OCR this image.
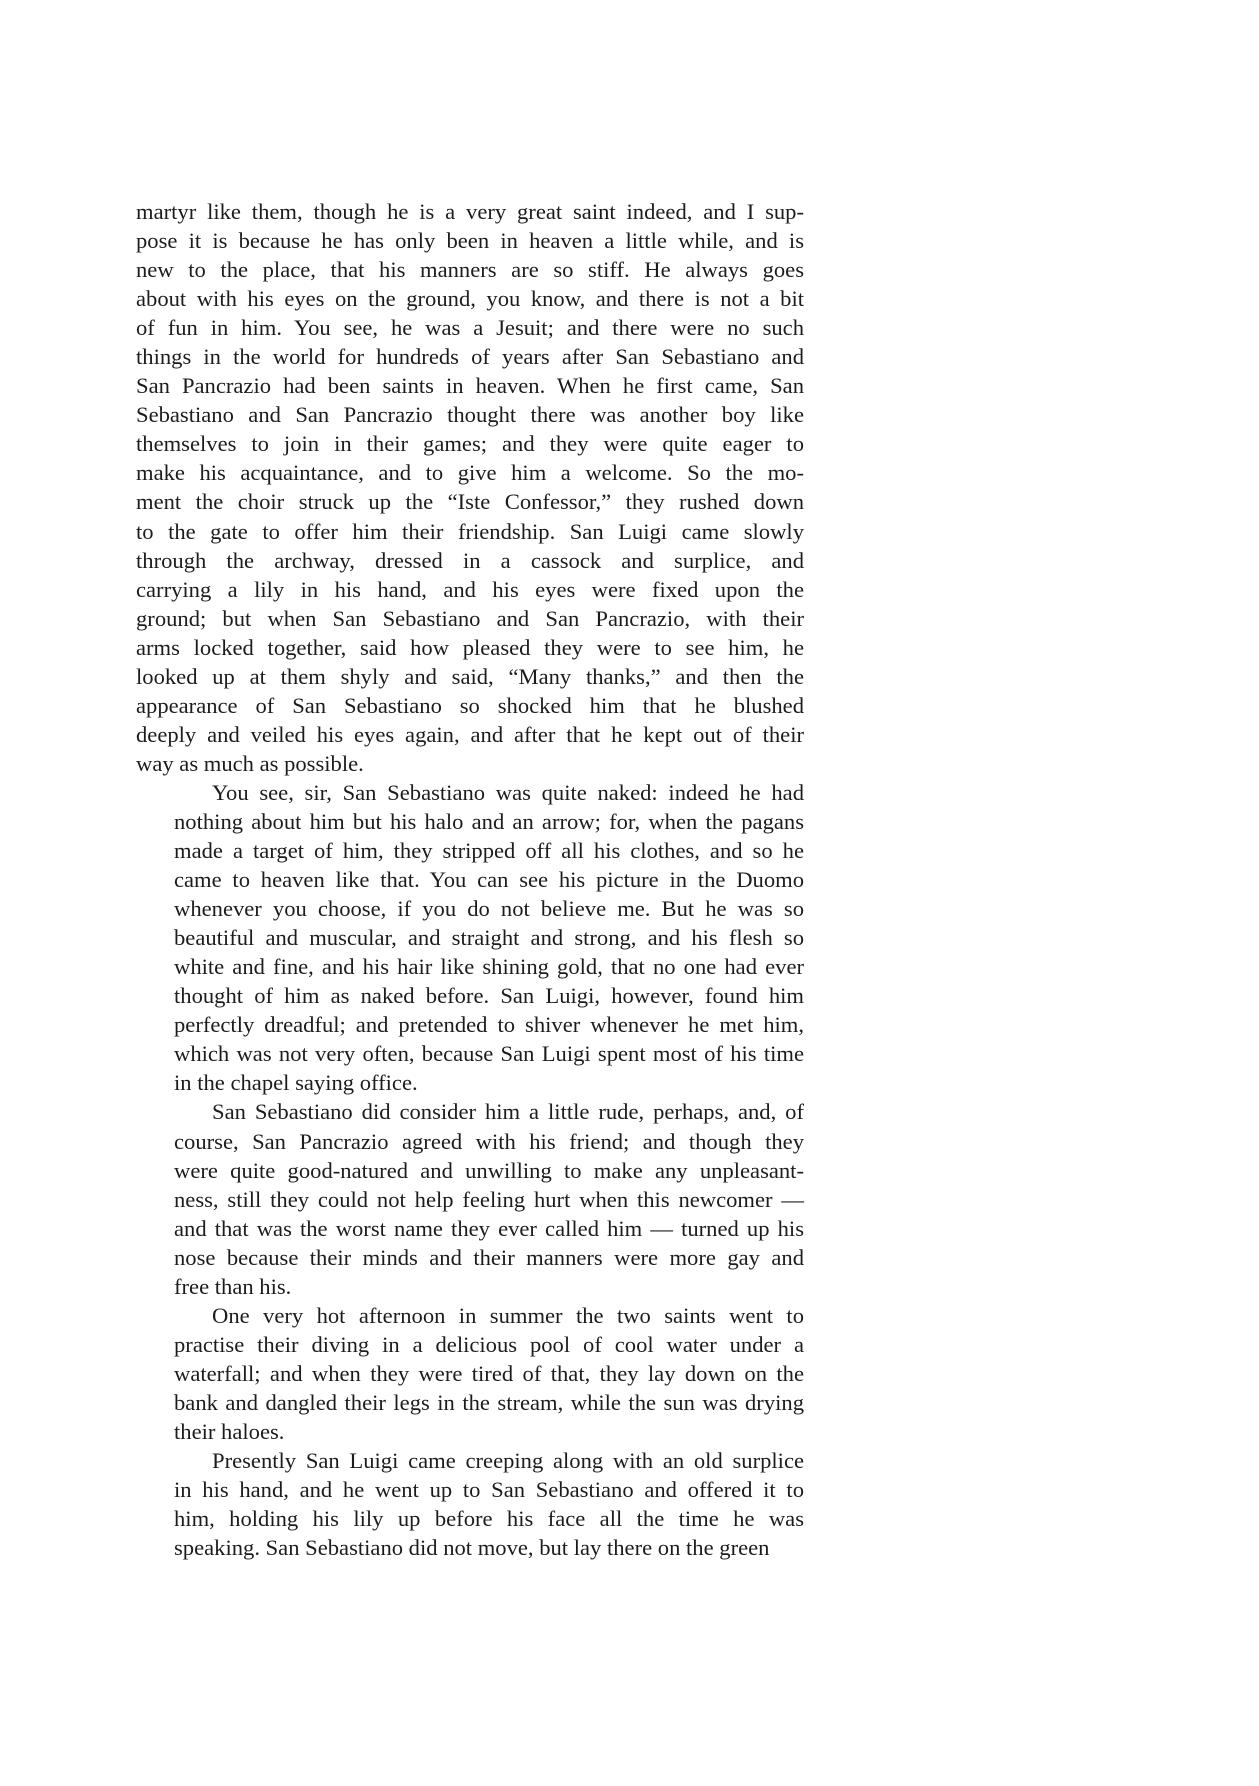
martyr like them, though he is a very great saint indeed, and I sup-
pose it is because he has only been in heaven a little while, and is
new to the place, that his manners are so stiff. He always goes
about with his eyes on the ground, you know, and there is not a bit
of fun in him. You see, he was a Jesuit; and there were no such
things in the world for hundreds of years after San Sebastiano and
San Pancrazio had been saints in heaven. When he first came, San
Sebastiano and San Pancrazio thought there was another boy like
themselves to join in their games; and they were quite eager to
make his acquaintance, and to give him a welcome. So the mo-
ment the choir struck up the “Iste Confessor,” they rushed down
to the gate to offer him their friendship. San Luigi came slowly
through the archway, dressed in a cassock and surplice, and
carrying a lily in his hand, and his eyes were fixed upon the
ground; but when San Sebastiano and San Pancrazio, with their
arms locked together, said how pleased they were to see him, he
looked up at them shyly and said, “Many thanks,” and then the
appearance of San Sebastiano so shocked him that he blushed
deeply and veiled his eyes again, and after that he kept out of their
way as much as possible.
You see, sir, San Sebastiano was quite naked: indeed he had
nothing about him but his halo and an arrow; for, when the pagans
made a target of him, they stripped off all his clothes, and so he
came to heaven like that. You can see his picture in the Duomo
whenever you choose, if you do not believe me. But he was so
beautiful and muscular, and straight and strong, and his flesh so
white and fine, and his hair like shining gold, that no one had ever
thought of him as naked before. San Luigi, however, found him
perfectly dreadful; and pretended to shiver whenever he met him,
which was not very often, because San Luigi spent most of his time
in the chapel saying office.
San Sebastiano did consider him a little rude, perhaps, and, of
course, San Pancrazio agreed with his friend; and though they
were quite good-natured and unwilling to make any unpleasant-
ness, still they could not help feeling hurt when this newcomer —
and that was the worst name they ever called him — turned up his
nose because their minds and their manners were more gay and
free than his.
One very hot afternoon in summer the two saints went to
practise their diving in a delicious pool of cool water under a
waterfall; and when they were tired of that, they lay down on the
bank and dangled their legs in the stream, while the sun was drying
their haloes.
Presently San Luigi came creeping along with an old surplice
in his hand, and he went up to San Sebastiano and offered it to
him, holding his lily up before his face all the time he was
speaking. San Sebastiano did not move, but lay there on the green
